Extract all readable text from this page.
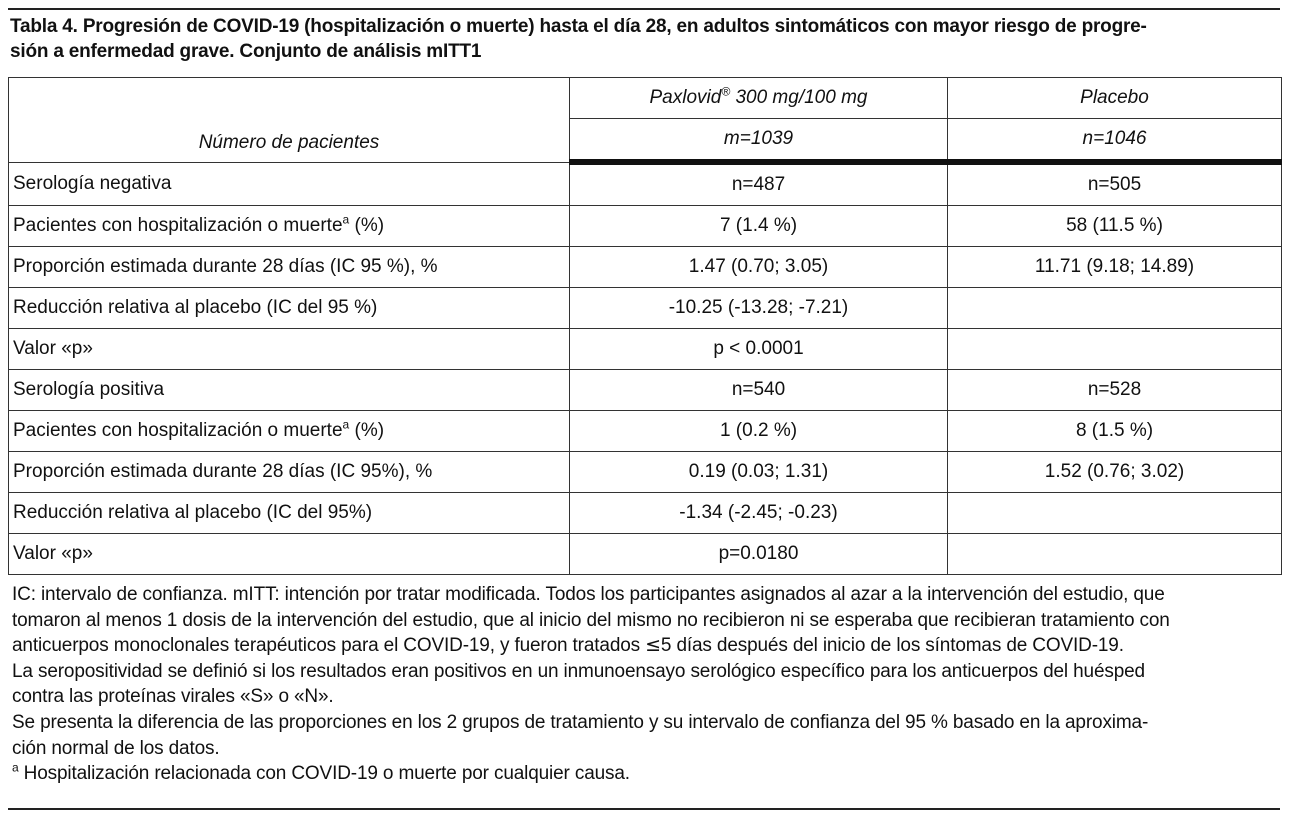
Tabla 4. Progresión de COVID-19 (hospitalización o muerte) hasta el día 28, en adultos sintomáticos con mayor riesgo de progre-
sión a enfermedad grave. Conjunto de análisis mITT1
Número de pacientes	Paxlovid® 300 mg/100 mg	Placebo
	m=1039	n=1046
Serología negativa	n=487	n=505
Pacientes con hospitalización o muerte$^a$ (%)	7 (1.4 %)	58 (11.5 %)
Proporción estimada durante 28 días (IC 95 %), %	1.47 (0.70; 3.05)	11.71 (9.18; 14.89)
Reducción relativa al placebo (IC del 95 %)	-10.25 (-13.28; -7.21)	
Valor «p»	p < 0.0001	
Serología positiva	n=540	n=528
Pacientes con hospitalización o muerte$^a$ (%)	1 (0.2 %)	8 (1.5 %)
Proporción estimada durante 28 días (IC 95%), %	0.19 (0.03; 1.31)	1.52 (0.76; 3.02)
Reducción relativa al placebo (IC del 95%)	-1.34 (-2.45; -0.23)	
Valor «p»	p=0.0180	

IC: intervalo de confianza. mITT: intención por tratar modificada. Todos los participantes asignados al azar a la intervención del estudio, que

tomaron al menos 1 dosis de la intervención del estudio, que al inicio del mismo no recibieron ni se esperaba que recibieran tratamiento con

anticuerpos monoclonales terapéuticos para el COVID-19, y fueron tratados ≤5 días después del inicio de los síntomas de COVID-19.

La seropositividad se definió si los resultados eran positivos en un inmunoensayo serológico específico para los anticuerpos del huésped

contra las proteínas virales «S» o «N».

Se presenta la diferencia de las proporciones en los 2 grupos de tratamiento y su intervalo de confianza del 95 % basado en la aproxima-

ción normal de los datos.

$^a$ Hospitalización relacionada con COVID-19 o muerte por cualquier causa.
